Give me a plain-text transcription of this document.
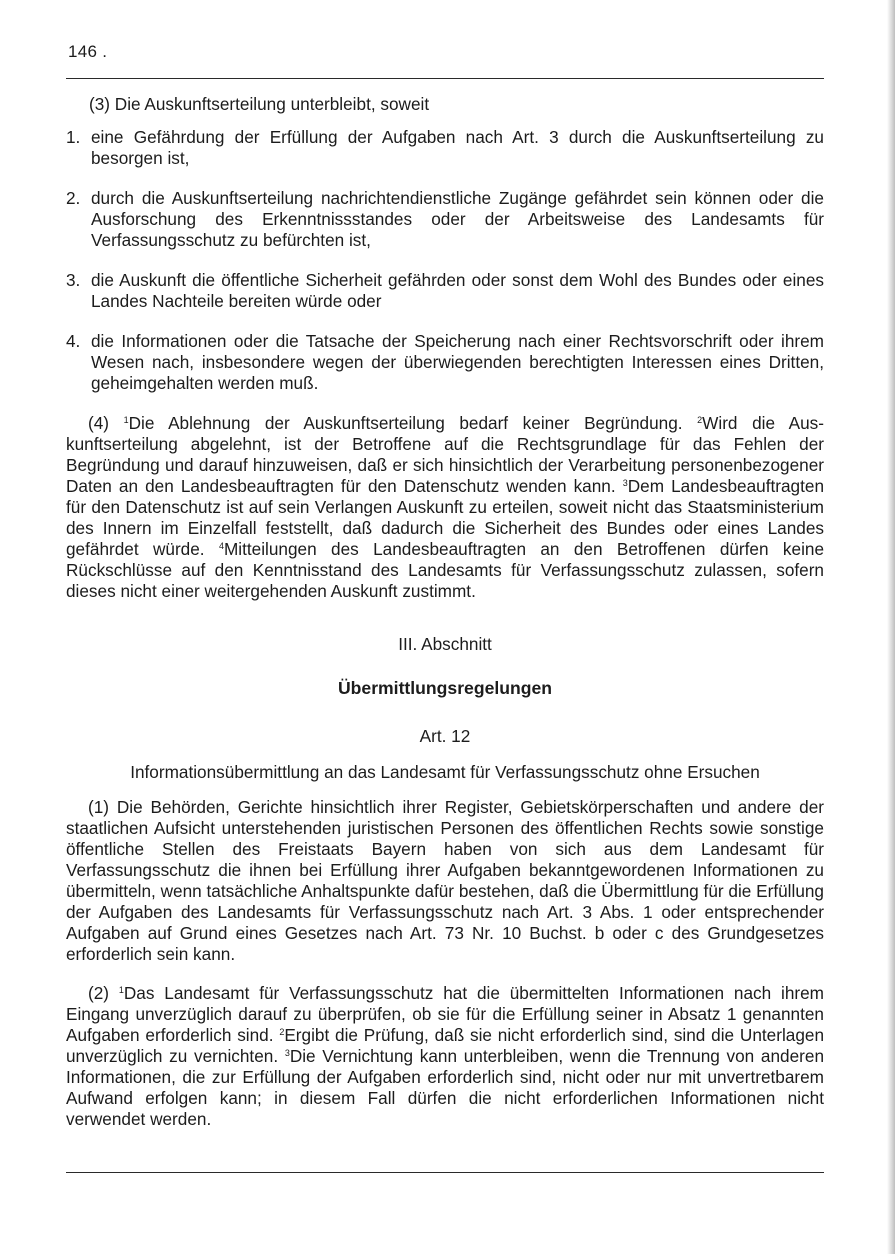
146 .
(3) Die Auskunftserteilung unterbleibt, soweit
1. eine Gefährdung der Erfüllung der Aufgaben nach Art. 3 durch die Auskunftserteilung zu besorgen ist,
2. durch die Auskunftserteilung nachrichtendienstliche Zugänge gefährdet sein können oder die Ausforschung des Erkenntnissstandes oder der Arbeitsweise des Landesamts für Verfassungsschutz zu befürchten ist,
3. die Auskunft die öffentliche Sicherheit gefährden oder sonst dem Wohl des Bundes oder eines Landes Nachteile bereiten würde oder
4. die Informationen oder die Tatsache der Speicherung nach einer Rechtsvorschrift oder ihrem Wesen nach, insbesondere wegen der überwiegenden berechtigten Interessen eines Dritten, geheimgehalten werden muß.

(4) $^1$Die Ablehnung der Auskunftserteilung bedarf keiner Begründung. $^2$Wird die Auskunftserteilung abgelehnt, ist der Betroffene auf die Rechtsgrundlage für das Fehlen der Begründung und darauf hinzuweisen, daß er sich hinsichtlich der Verarbeitung personenbezogener Daten an den Landesbeauftragten für den Datenschutz wenden kann. $^3$Dem Landesbeauftragten für den Datenschutz ist auf sein Verlangen Auskunft zu erteilen, soweit nicht das Staatsministerium des Innern im Einzelfall feststellt, daß dadurch die Sicherheit des Bundes oder eines Landes gefährdet würde. $^4$Mitteilungen des Landesbeauftragten an den Betroffenen dürfen keine Rückschlüsse auf den Kenntnisstand des Landesamts für Verfassungsschutz zulassen, sofern dieses nicht einer weitergehenden Auskunft zustimmt.

III. Abschnitt
Übermittlungsregelungen
Art. 12
Informationsübermittlung an das Landesamt für Verfassungsschutz ohne Ersuchen

(1) Die Behörden, Gerichte hinsichtlich ihrer Register, Gebietskörperschaften und andere der staatlichen Aufsicht unterstehenden juristischen Personen des öffentlichen Rechts sowie sonstige öffentliche Stellen des Freistaats Bayern haben von sich aus dem Landesamt für Verfassungsschutz die ihnen bei Erfüllung ihrer Aufgaben bekanntgewordenen Informationen zu übermitteln, wenn tatsächliche Anhaltspunkte dafür bestehen, daß die Übermittlung für die Erfüllung der Aufgaben des Landesamts für Verfassungsschutz nach Art. 3 Abs. 1 oder entsprechender Aufgaben auf Grund eines Gesetzes nach Art. 73 Nr. 10 Buchst. b oder c des Grundgesetzes erforderlich sein kann.

(2) $^1$Das Landesamt für Verfassungsschutz hat die übermittelten Informationen nach ihrem Eingang unverzüglich darauf zu überprüfen, ob sie für die Erfüllung seiner in Absatz 1 genannten Aufgaben erforderlich sind. $^2$Ergibt die Prüfung, daß sie nicht erforderlich sind, sind die Unterlagen unverzüglich zu vernichten. $^3$Die Vernichtung kann unterbleiben, wenn die Trennung von anderen Informationen, die zur Erfüllung der Aufgaben erforderlich sind, nicht oder nur mit unvertretbarem Aufwand erfolgen kann; in diesem Fall dürfen die nicht erforderlichen Informationen nicht verwendet werden.
